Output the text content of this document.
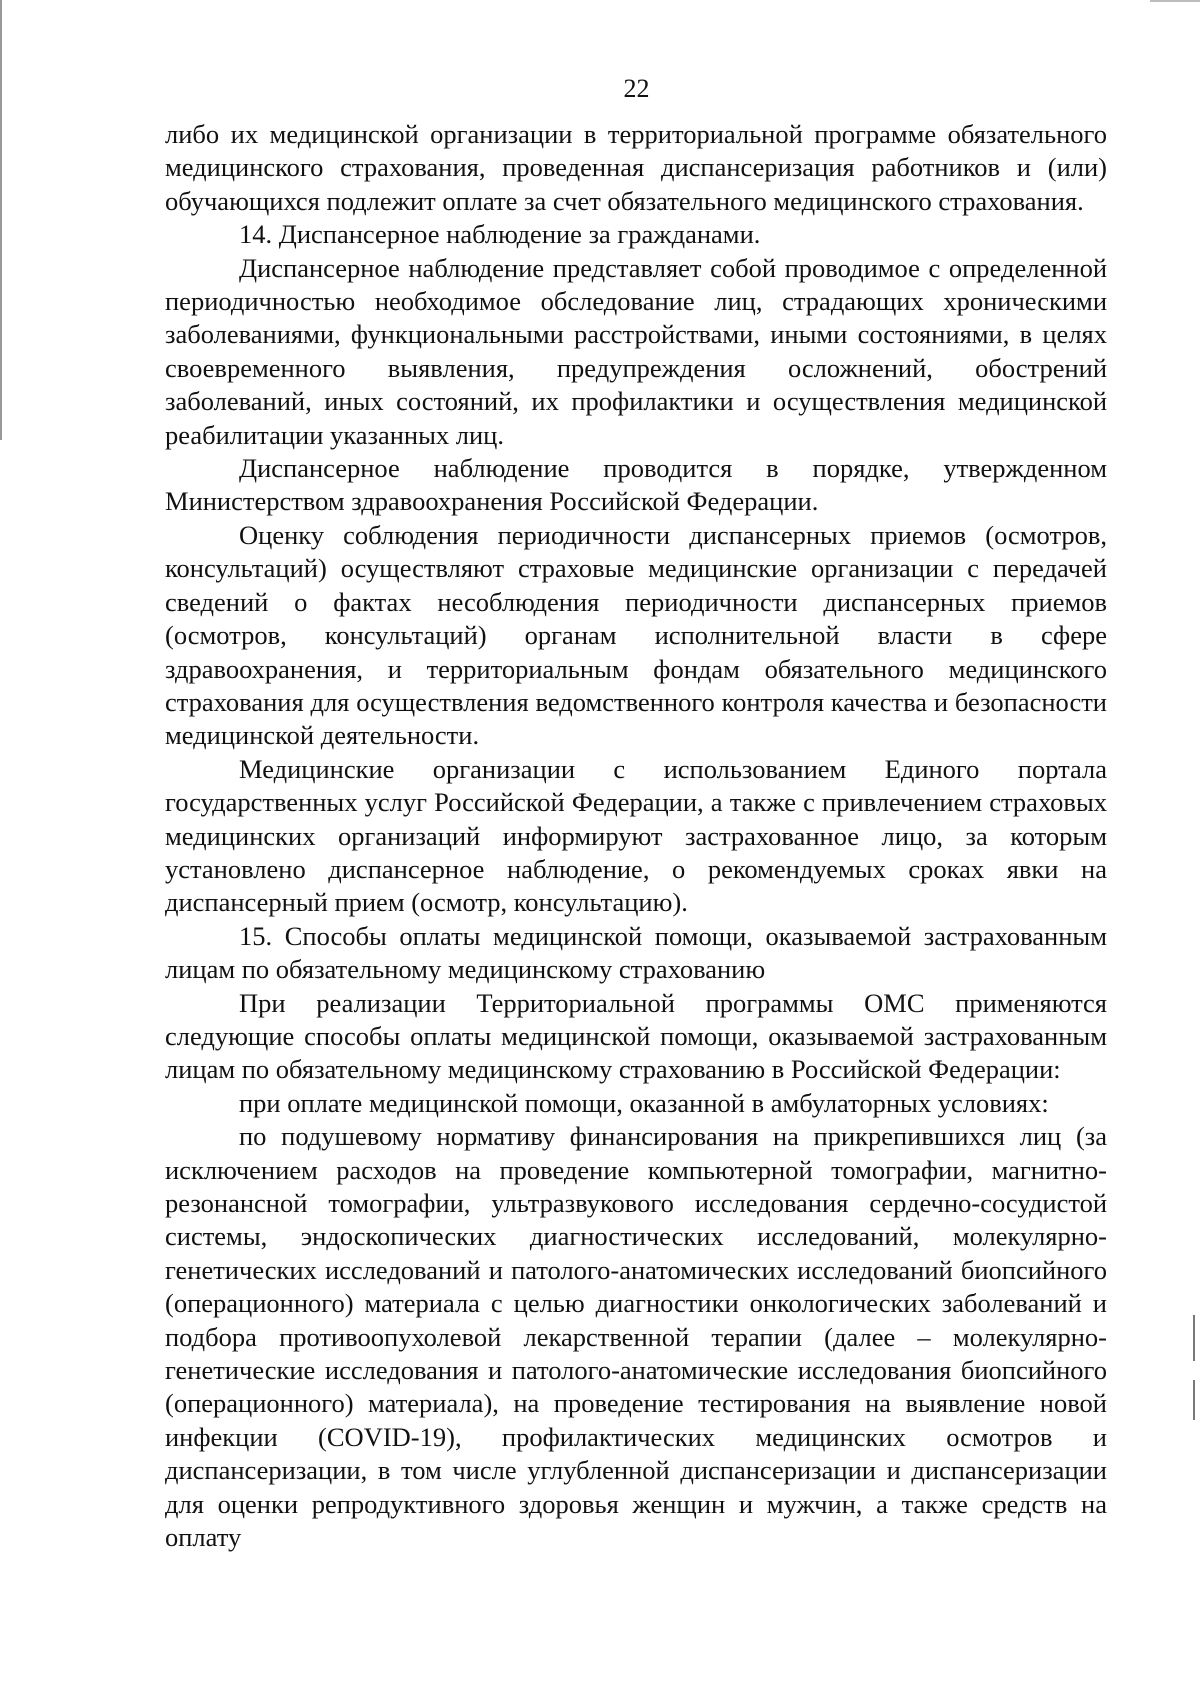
22

либо их медицинской организации в территориальной программе обязательного медицинского страхования, проведенная диспансеризация работников и (или) обучающихся подлежит оплате за счет обязательного медицинского страхования.

14. Диспансерное наблюдение за гражданами.

Диспансерное наблюдение представляет собой проводимое с определенной периодичностью необходимое обследование лиц, страдающих хроническими заболеваниями, функциональными расстройствами, иными состояниями, в целях своевременного выявления, предупреждения осложнений, обострений заболеваний, иных состояний, их профилактики и осуществления медицинской реабилитации указанных лиц.

Диспансерное наблюдение проводится в порядке, утвержденном Министерством здравоохранения Российской Федерации.

Оценку соблюдения периодичности диспансерных приемов (осмотров, консультаций) осуществляют страховые медицинские организации с передачей сведений о фактах несоблюдения периодичности диспансерных приемов (осмотров, консультаций) органам исполнительной власти в сфере здравоохранения, и территориальным фондам обязательного медицинского страхования для осуществления ведомственного контроля качества и безопасности медицинской деятельности.

Медицинские организации с использованием Единого портала государственных услуг Российской Федерации, а также с привлечением страховых медицинских организаций информируют застрахованное лицо, за которым установлено диспансерное наблюдение, о рекомендуемых сроках явки на диспансерный прием (осмотр, консультацию).

15. Способы оплаты медицинской помощи, оказываемой застрахованным лицам по обязательному медицинскому страхованию

При реализации Территориальной программы ОМС применяются следующие способы оплаты медицинской помощи, оказываемой застрахованным лицам по обязательному медицинскому страхованию в Российской Федерации:

при оплате медицинской помощи, оказанной в амбулаторных условиях:

по подушевому нормативу финансирования на прикрепившихся лиц (за исключением расходов на проведение компьютерной томографии, магнитно-резонансной томографии, ультразвукового исследования сердечно-сосудистой системы, эндоскопических диагностических исследований, молекулярно-генетических исследований и патолого-анатомических исследований биопсийного (операционного) материала с целью диагностики онкологических заболеваний и подбора противоопухолевой лекарственной терапии (далее – молекулярно-генетические исследования и патолого-анатомические исследования биопсийного (операционного) материала), на проведение тестирования на выявление новой инфекции (COVID-19), профилактических медицинских осмотров и диспансеризации, в том числе углубленной диспансеризации и диспансеризации для оценки репродуктивного здоровья женщин и мужчин, а также средств на оплату
